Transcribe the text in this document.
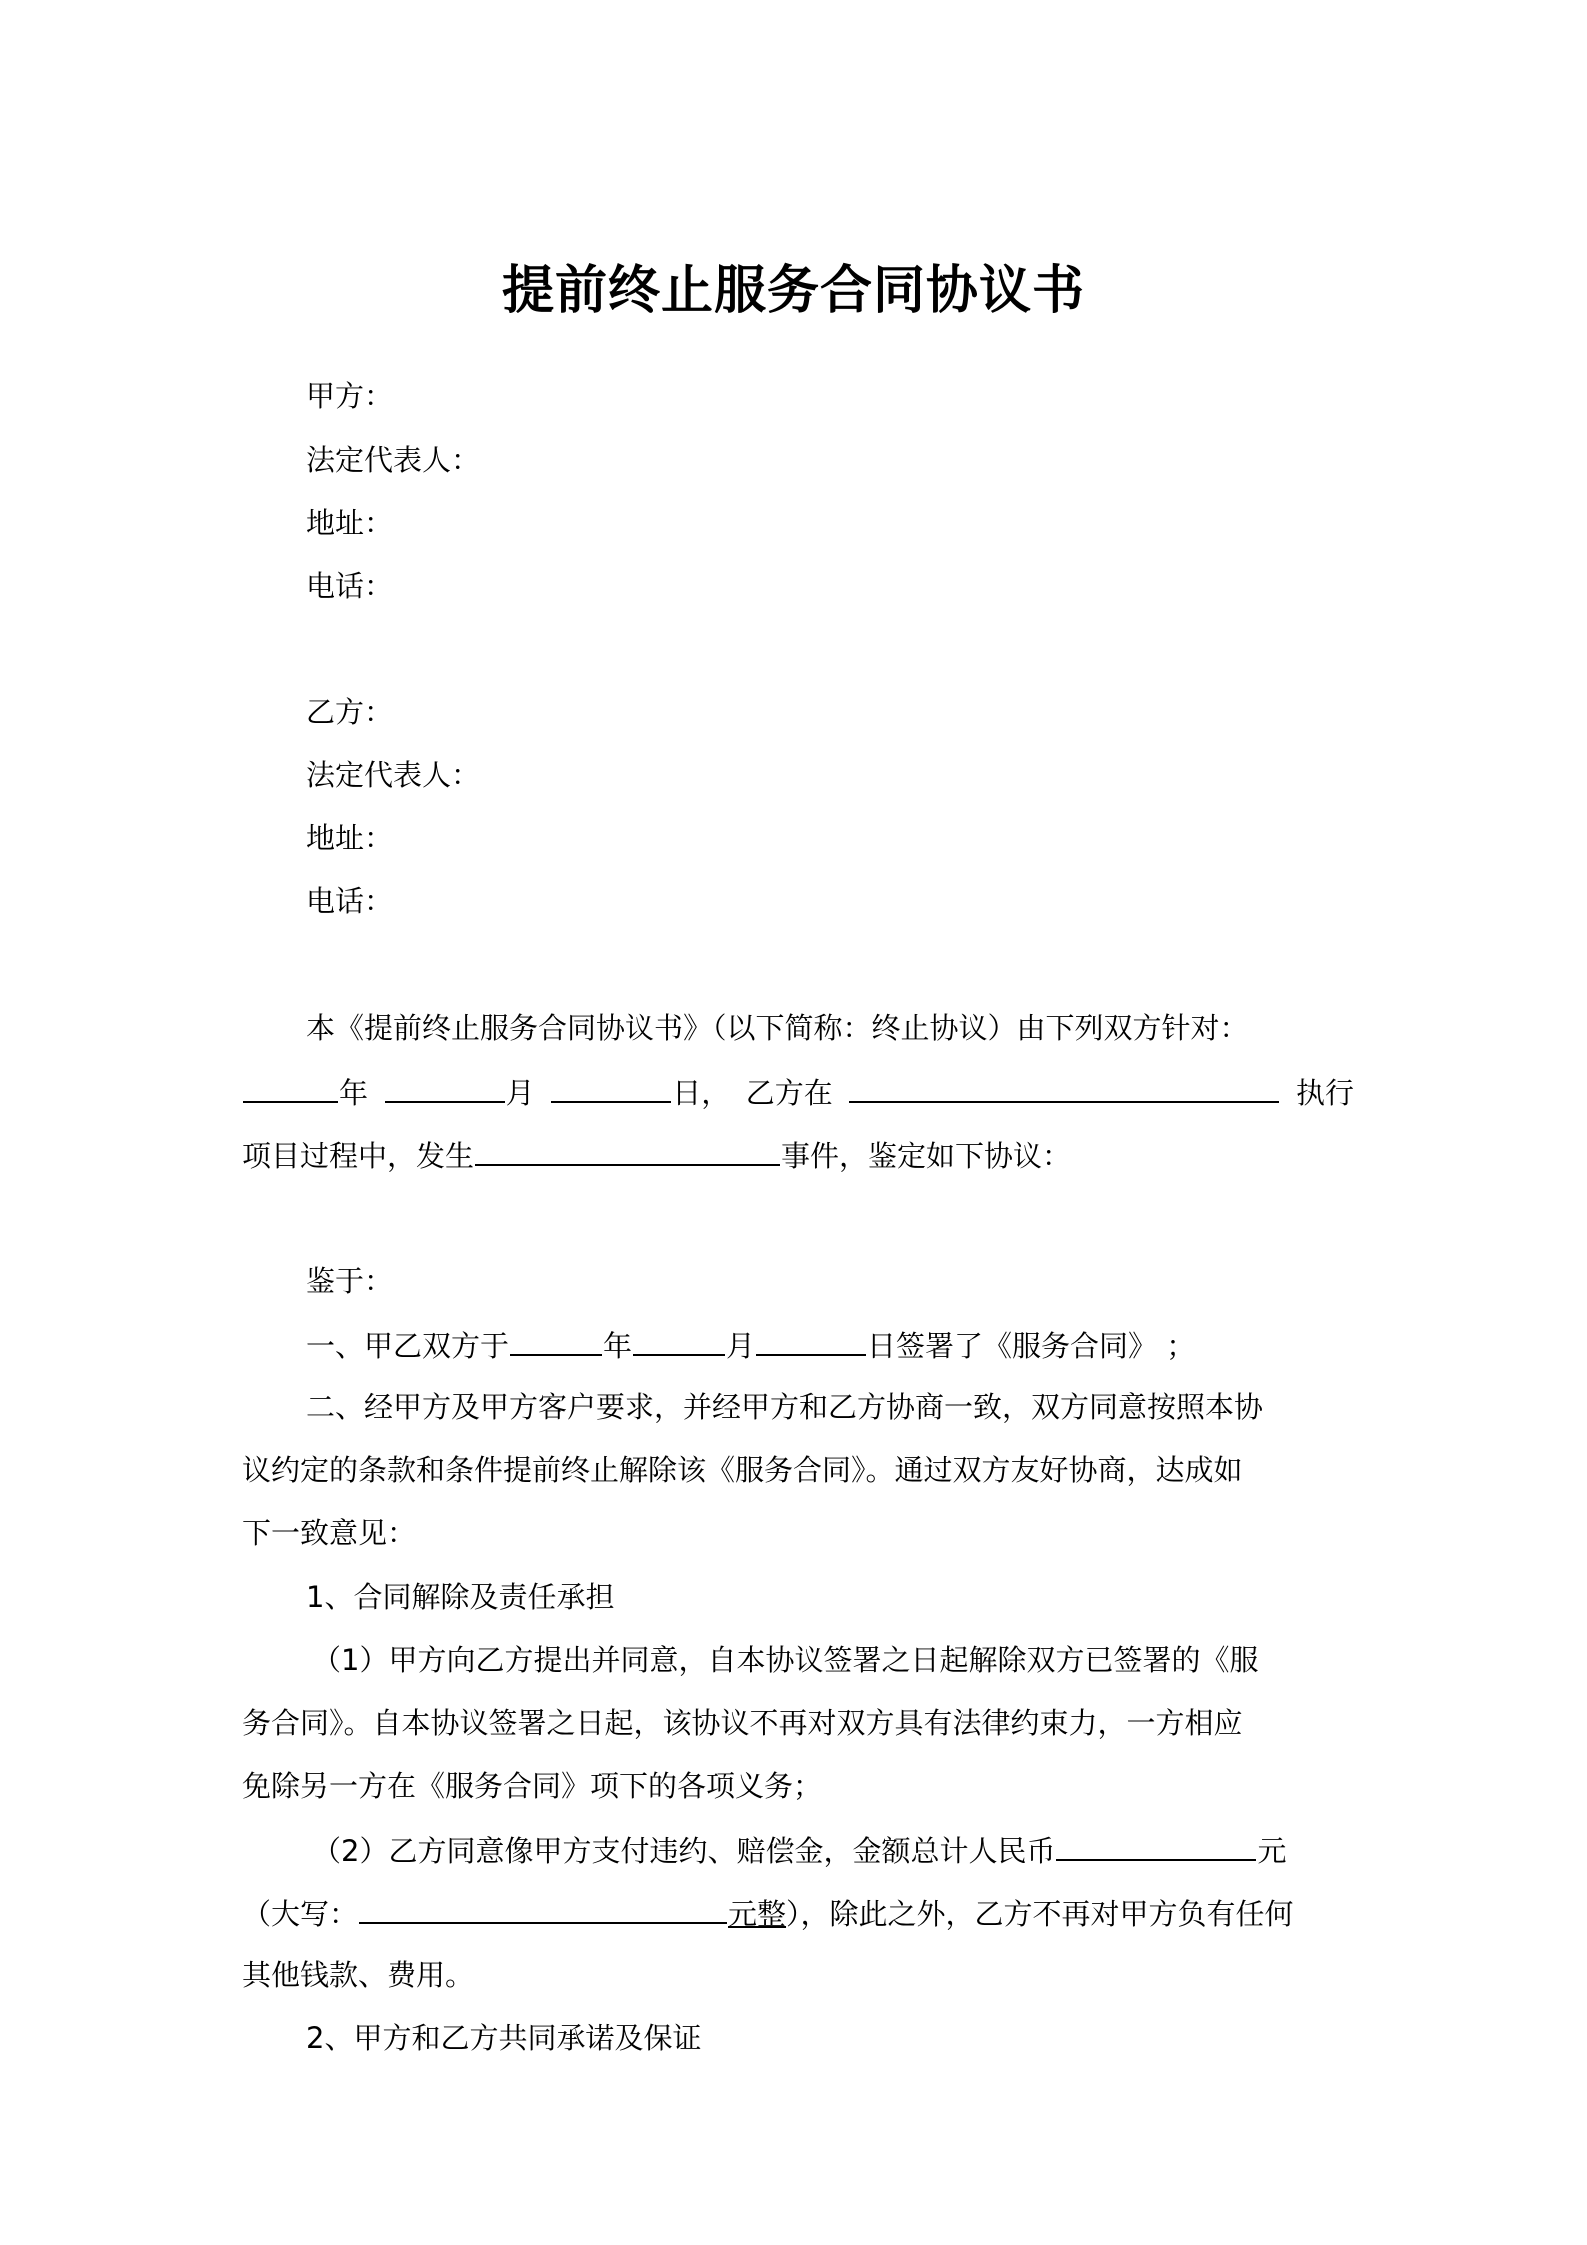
提前终止服务合同协议书
甲方：
法定代表人：
地址：
电话：
乙方：
法定代表人：
地址：
电话：
本《提前终止服务合同协议书》（以下简称：终止协议）由下列双方针对：
年	月	日， 乙方在	执行
项目过程中，发生	事件，鉴定如下协议：
鉴于：
一、甲乙双方于	年	月	日签署了《服务合同》 ；
二、经甲方及甲方客户要求，并经甲方和乙方协商一致，双方同意按照本协
议约定的条款和条件提前终止解除该《服务合同》。通过双方友好协商，达成如
下一致意见：
1、合同解除及责任承担
（1）甲方向乙方提出并同意，自本协议签署之日起解除双方已签署的《服
务合同》。自本协议签署之日起，该协议不再对双方具有法律约束力，一方相应
免除另一方在《服务合同》项下的各项义务；
（2）乙方同意像甲方支付违约、赔偿金，金额总计人民币	元
（大写：	元整），除此之外，乙方不再对甲方负有任何
其他钱款、费用。
2、甲方和乙方共同承诺及保证
